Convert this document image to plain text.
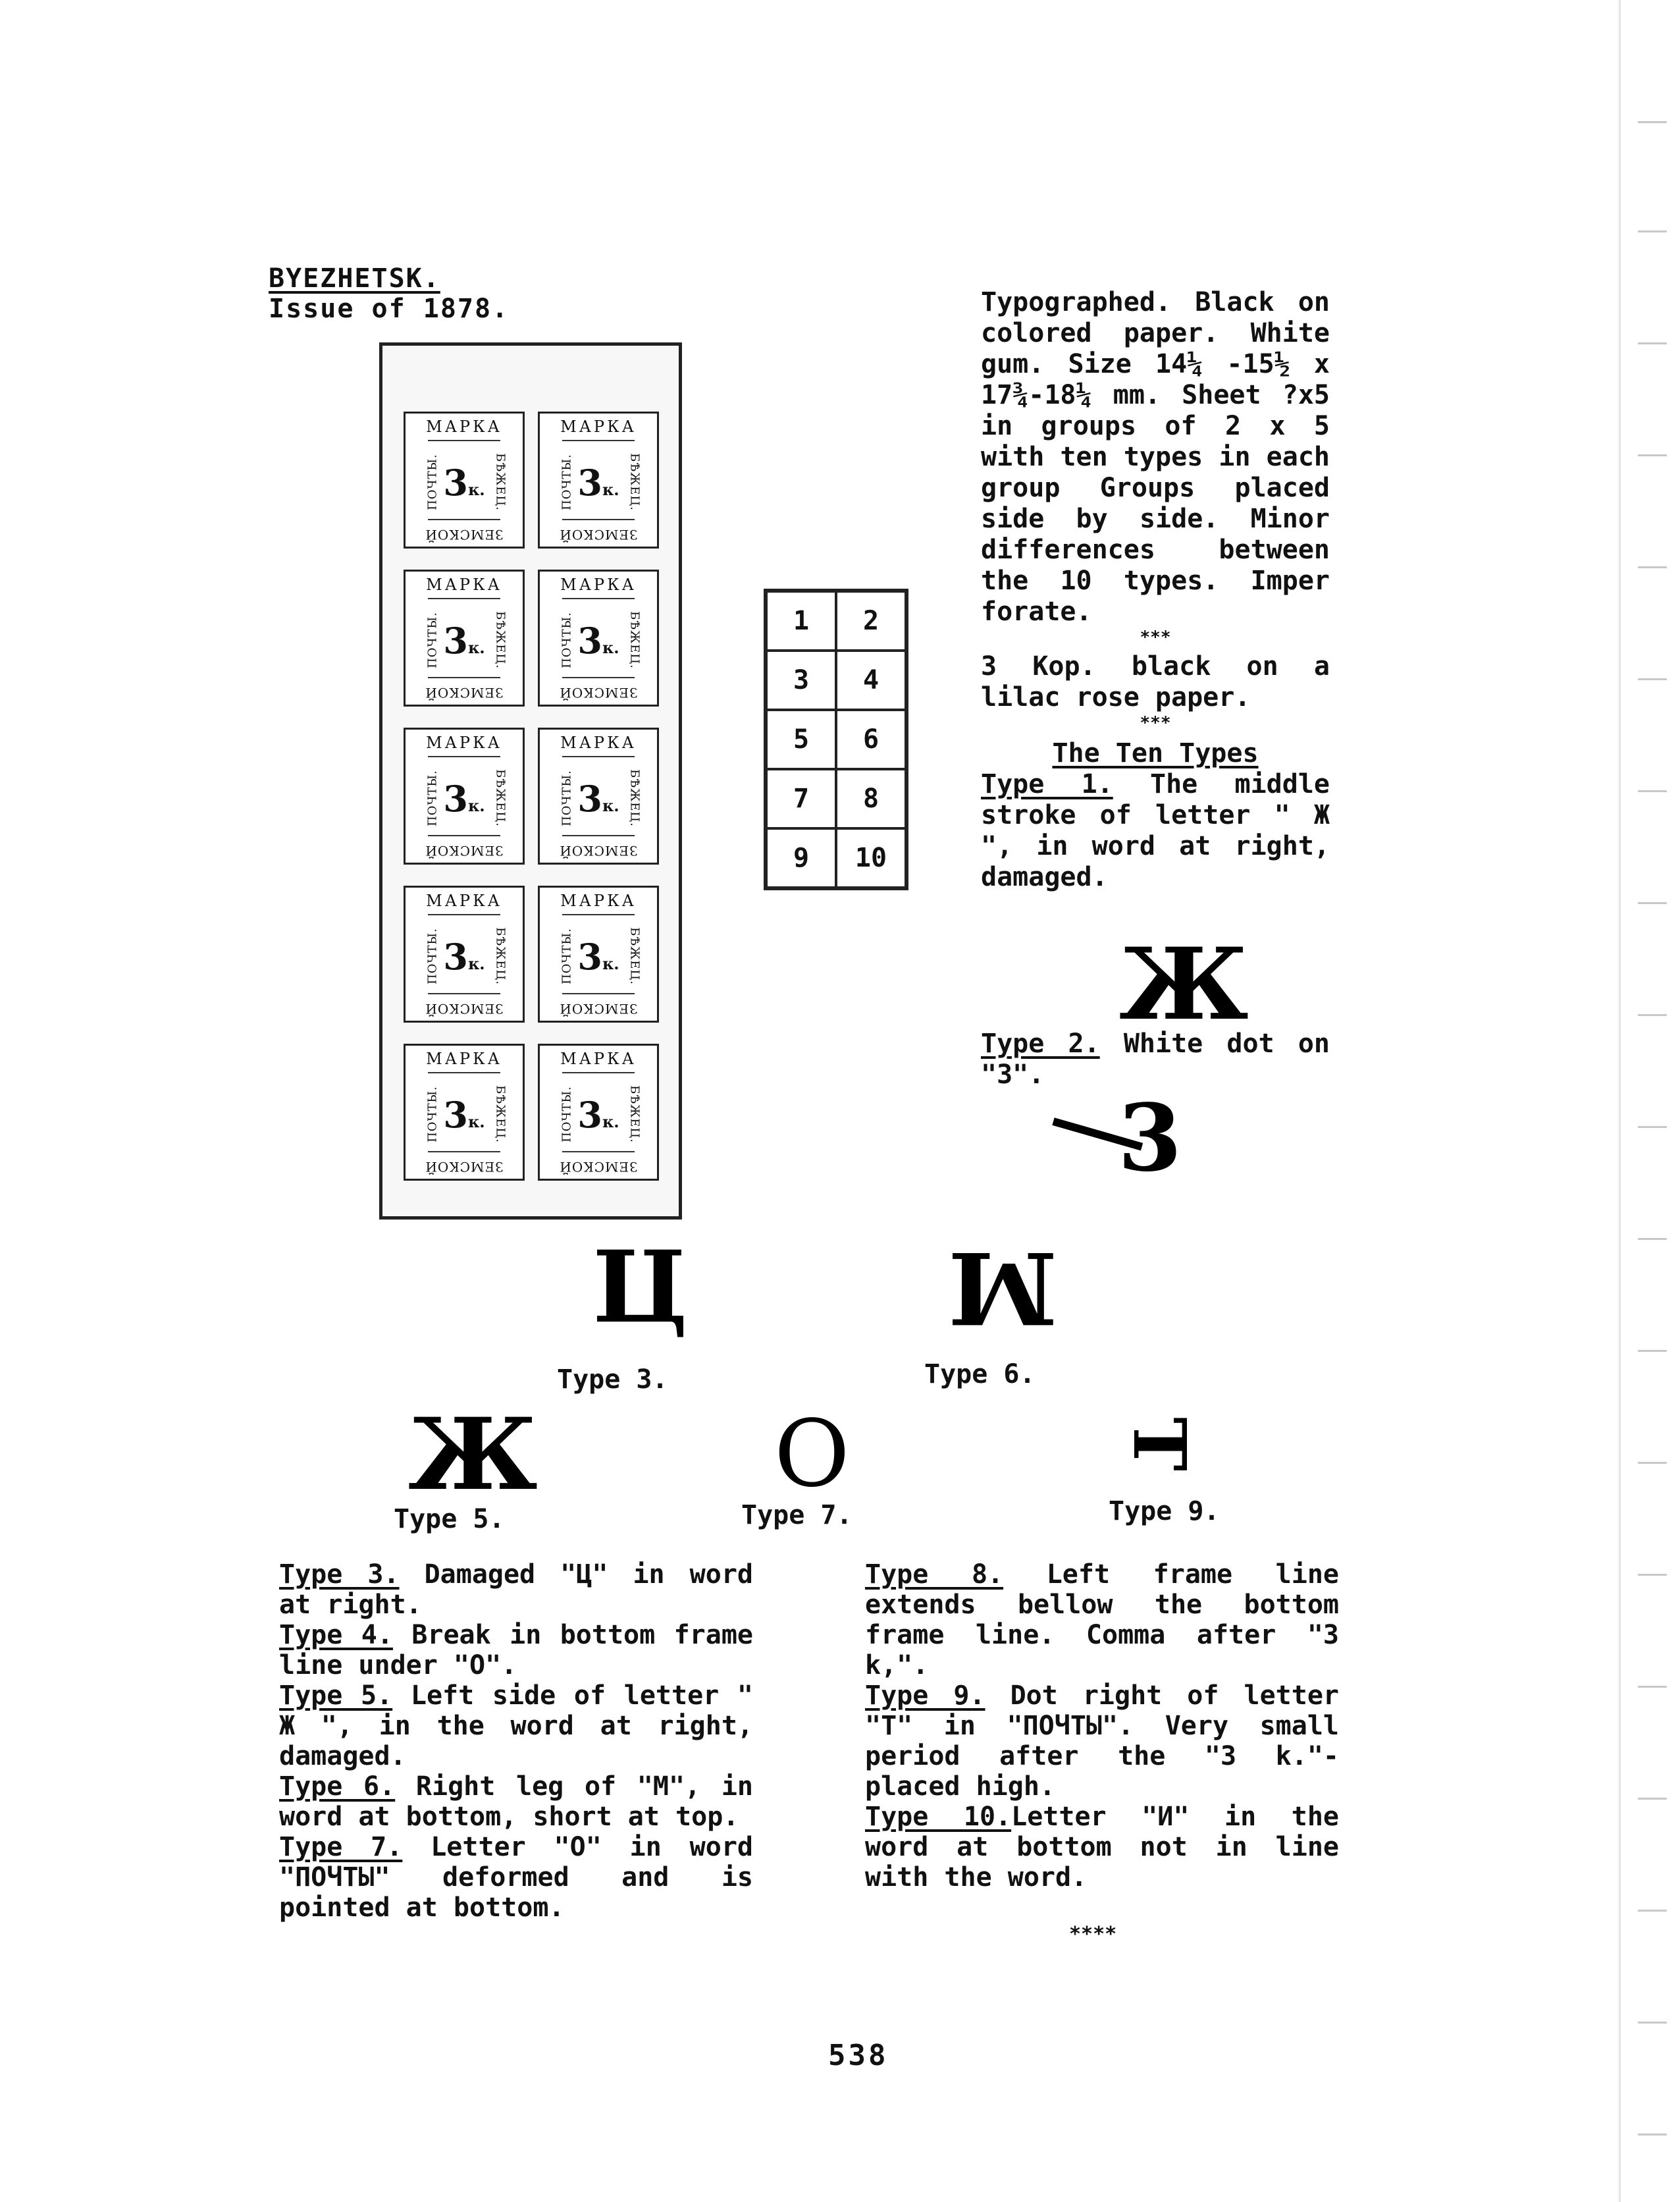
BYEZHETSK.
Issue of 1878.
МАРКА
ПОЧТЫ.	БѢЖЕЦ.
3к.
ЗЕМСКОЙ
МАРКА
ПОЧТЫ.	БѢЖЕЦ.
3к.
ЗЕМСКОЙ
МАРКА
ПОЧТЫ.	БѢЖЕЦ.
3к.
ЗЕМСКОЙ
МАРКА
ПОЧТЫ.	БѢЖЕЦ.
3к.
ЗЕМСКОЙ
МАРКА
ПОЧТЫ.	БѢЖЕЦ.
3к.
ЗЕМСКОЙ
МАРКА
ПОЧТЫ.	БѢЖЕЦ.
3к.
ЗЕМСКОЙ
МАРКА
ПОЧТЫ.	БѢЖЕЦ.
3к.
ЗЕМСКОЙ
МАРКА
ПОЧТЫ.	БѢЖЕЦ.
3к.
ЗЕМСКОЙ
МАРКА
ПОЧТЫ.	БѢЖЕЦ.
3к.
ЗЕМСКОЙ
МАРКА
ПОЧТЫ.	БѢЖЕЦ.
3к.
ЗЕМСКОЙ
1	2
3	4
5	6
7	8
9	10

Typographed. Black on colored paper. White gum. Size 14¼ -15½ x 17¾-18¼ mm. Sheet ?x5 in groups of 2 x 5 with ten types in each group Groups placed side by side. Minor differences between the 10 types. Imper forate.

***

3 Kop. black on a lilac rose paper.

***
The Ten Types

Type 1. The middle stroke of letter " Ж ", in word at right, damaged.

Ж

Type 2. White dot on "3".

3
Ц
Type 3.
M
Type 6.
Ж
Type 5.
O
Type 7.
Т
Type 9.

Type 3. Damaged "Ц" in word at right.

Type 4. Break in bottom frame line under "O".

Type 5. Left side of letter " Ж ", in the word at right, damaged.

Type 6. Right leg of "M", in word at bottom, short at top.

Type 7. Letter "O" in word "ПОЧТЫ" deformed and is pointed at bottom.

Type 8. Left frame line extends bellow the bottom frame line. Comma after "3 k,".

Type 9. Dot right of letter "T" in "ПОЧТЫ". Very small period after the "3 k."-placed high.

Type 10.Letter "И" in the word at bottom not in line with the word.

****
538
